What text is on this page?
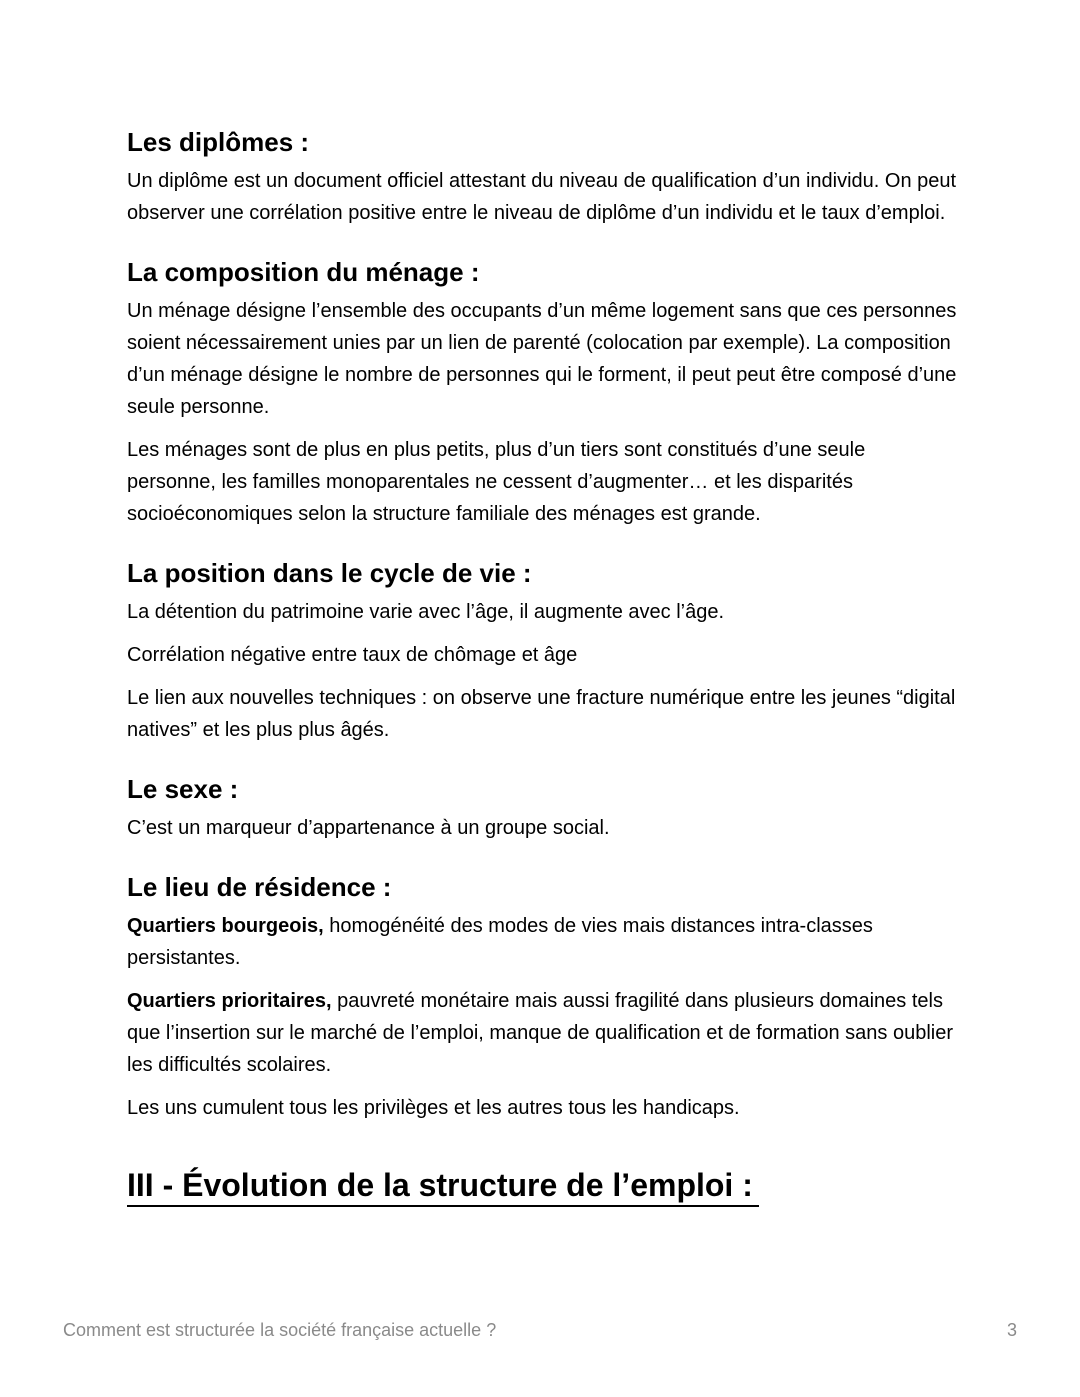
Les diplômes :

Un diplôme est un document officiel attestant du niveau de qualification d’un individu. On peut observer une corrélation positive entre le niveau de diplôme d’un individu et le taux d’emploi.

La composition du ménage :

Un ménage désigne l’ensemble des occupants d’un même logement sans que ces personnes soient nécessairement unies par un lien de parenté (colocation par exemple). La composition d’un ménage désigne le nombre de personnes qui le forment, il peut peut être composé d’une seule personne.

Les ménages sont de plus en plus petits, plus d’un tiers sont constitués d’une seule personne, les familles monoparentales ne cessent d’augmenter… et les disparités socioéconomiques selon la structure familiale des ménages est grande.

La position dans le cycle de vie :

La détention du patrimoine varie avec l’âge, il augmente avec l’âge.

Corrélation négative entre taux de chômage et âge

Le lien aux nouvelles techniques : on observe une fracture numérique entre les jeunes “digital natives” et les plus plus âgés.

Le sexe :

C’est un marqueur d’appartenance à un groupe social.

Le lieu de résidence :

Quartiers bourgeois, homogénéité des modes de vies mais distances intra-classes persistantes.

Quartiers prioritaires, pauvreté monétaire mais aussi fragilité dans plusieurs domaines tels que l’insertion sur le marché de l’emploi, manque de qualification et de formation sans oublier les difficultés scolaires.

Les uns cumulent tous les privilèges et les autres tous les handicaps.

III - Évolution de la structure de l’emploi :
Comment est structurée la société française actuelle ?	3
